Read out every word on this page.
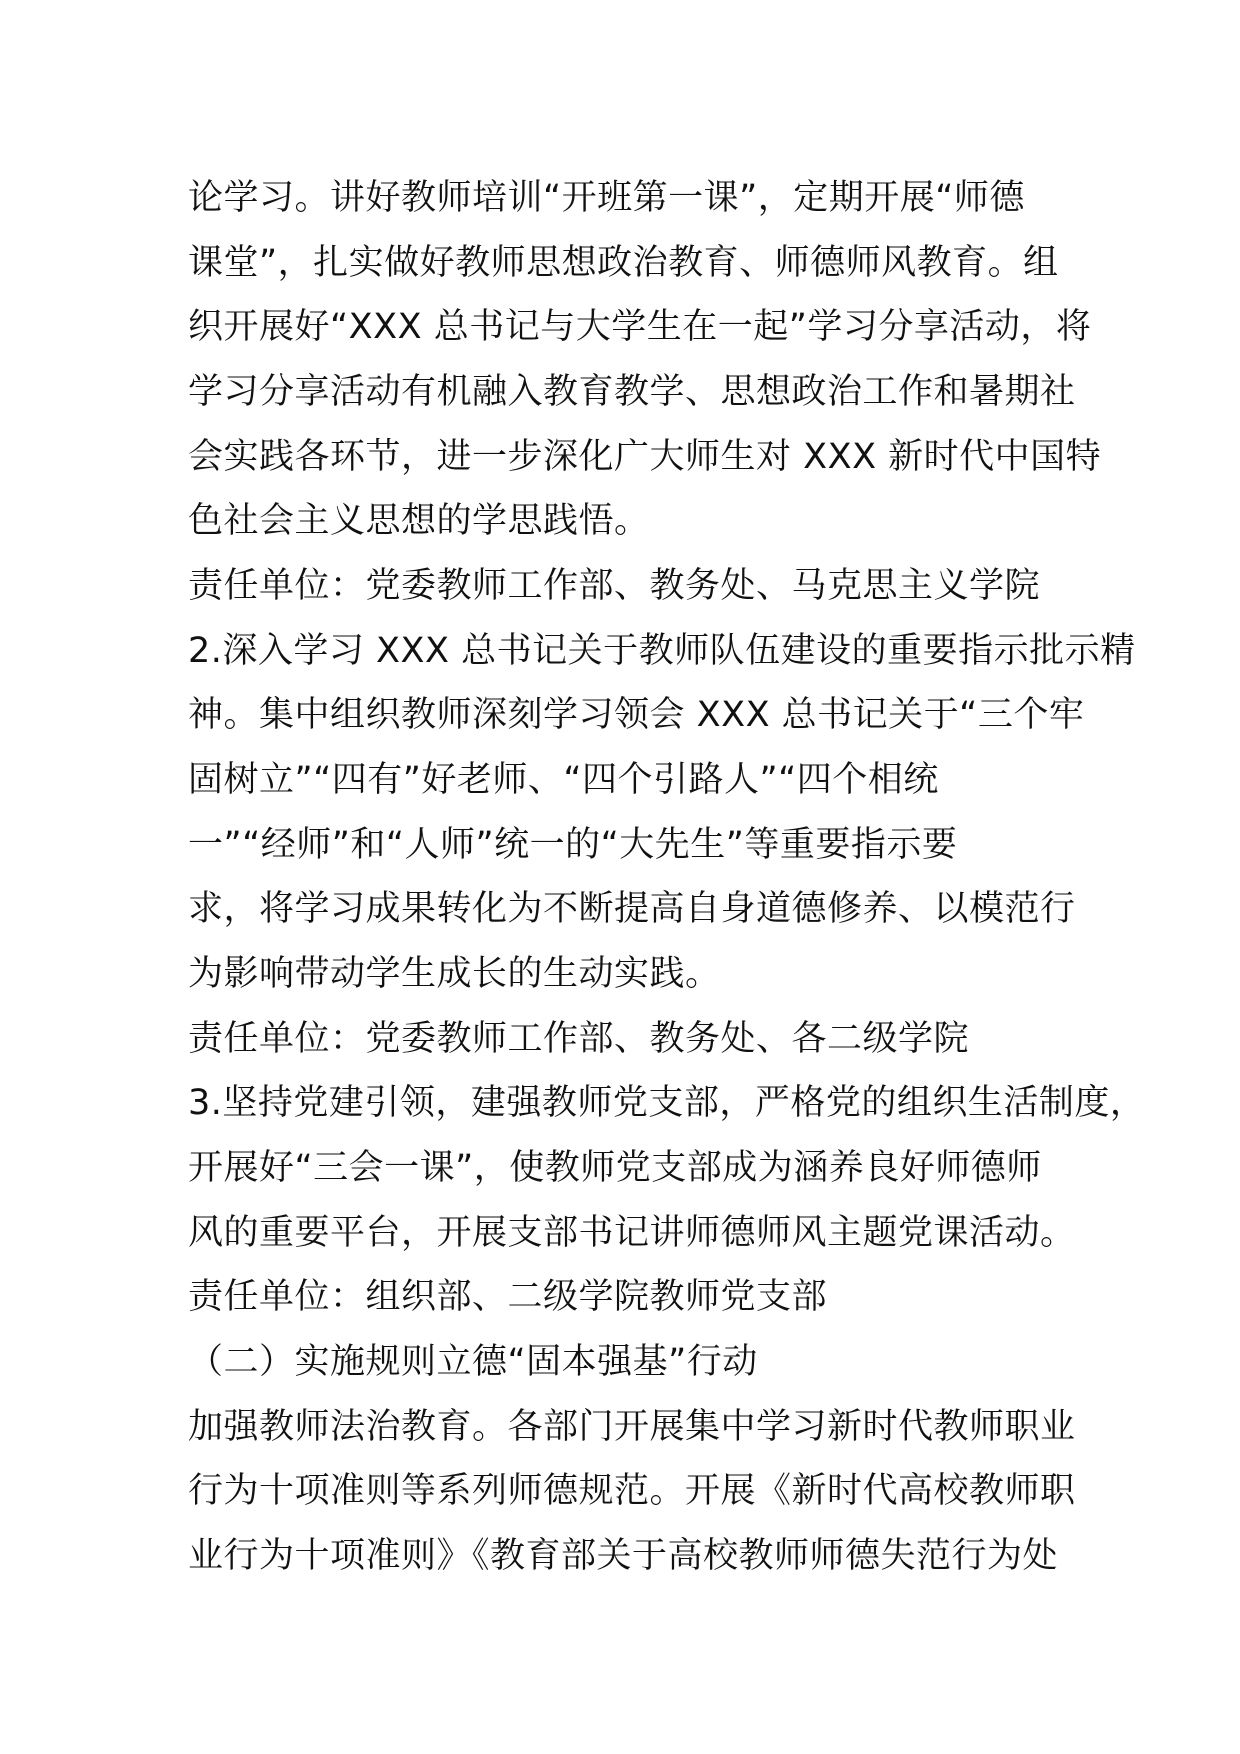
论学习。讲好教师培训“开班第一课”，定期开展“师德
课堂”，扎实做好教师思想政治教育、师德师风教育。组
织开展好“XXX 总书记与大学生在一起”学习分享活动，将
学习分享活动有机融入教育教学、思想政治工作和暑期社
会实践各环节，进一步深化广大师生对 XXX 新时代中国特
色社会主义思想的学思践悟。
责任单位：党委教师工作部、教务处、马克思主义学院
2.深入学习 XXX 总书记关于教师队伍建设的重要指示批示精
神。集中组织教师深刻学习领会 XXX 总书记关于“三个牢
固树立”“四有”好老师、“四个引路人”“四个相统
一”“经师”和“人师”统一的“大先生”等重要指示要
求，将学习成果转化为不断提高自身道德修养、以模范行
为影响带动学生成长的生动实践。
责任单位：党委教师工作部、教务处、各二级学院
3.坚持党建引领，建强教师党支部，严格党的组织生活制度，
开展好“三会一课”，使教师党支部成为涵养良好师德师
风的重要平台，开展支部书记讲师德师风主题党课活动。
责任单位：组织部、二级学院教师党支部
（二）实施规则立德“固本强基”行动
加强教师法治教育。各部门开展集中学习新时代教师职业
行为十项准则等系列师德规范。开展《新时代高校教师职
业行为十项准则》《教育部关于高校教师师德失范行为处
